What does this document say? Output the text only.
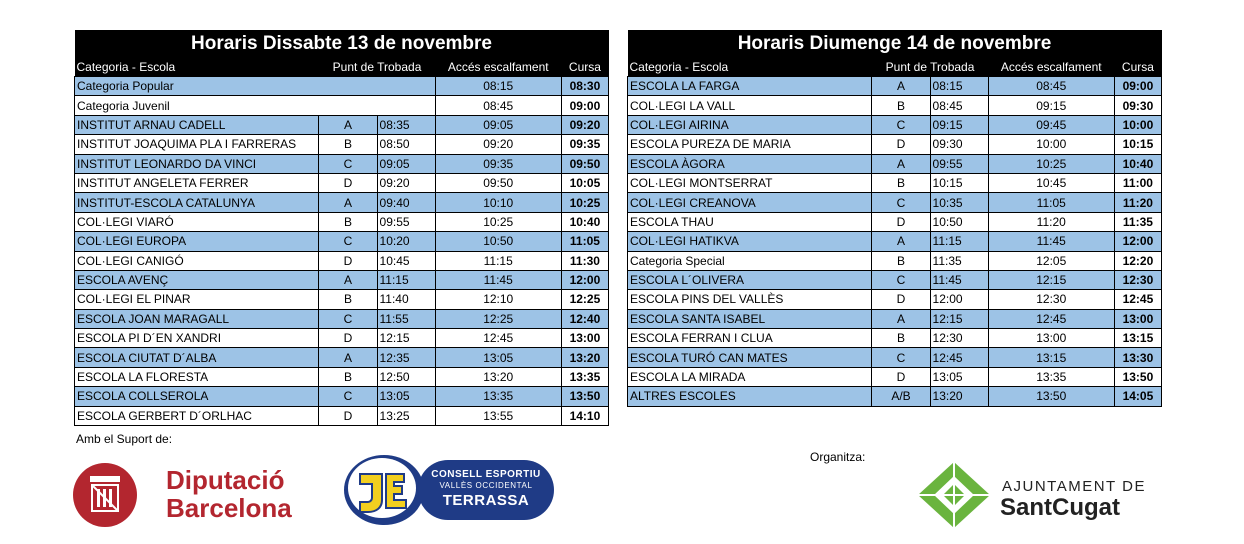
Horaris Dissabte 13 de novembre				
Categoria - Escola	Punt de Trobada		Accés escalfament	Cursa
Categoria Popular			08:15	08:30
Categoria Juvenil			08:45	09:00
INSTITUT ARNAU CADELL	A	08:35	09:05	09:20
INSTITUT JOAQUIMA PLA I FARRERAS	B	08:50	09:20	09:35
INSTITUT LEONARDO DA VINCI	C	09:05	09:35	09:50
INSTITUT ANGELETA FERRER	D	09:20	09:50	10:05
INSTITUT-ESCOLA CATALUNYA	A	09:40	10:10	10:25
COL·LEGI VIARÓ	B	09:55	10:25	10:40
COL·LEGI EUROPA	C	10:20	10:50	11:05
COL·LEGI CANIGÓ	D	10:45	11:15	11:30
ESCOLA AVENÇ	A	11:15	11:45	12:00
COL·LEGI EL PINAR	B	11:40	12:10	12:25
ESCOLA JOAN MARAGALL	C	11:55	12:25	12:40
ESCOLA PI D´EN XANDRI	D	12:15	12:45	13:00
ESCOLA CIUTAT D´ALBA	A	12:35	13:05	13:20
ESCOLA LA FLORESTA	B	12:50	13:20	13:35
ESCOLA COLLSEROLA	C	13:05	13:35	13:50
ESCOLA GERBERT D´ORLHAC	D	13:25	13:55	14:10
Horaris Diumenge 14 de novembre				
Categoria - Escola	Punt de Trobada		Accés escalfament	Cursa
ESCOLA LA FARGA	A	08:15	08:45	09:00
COL·LEGI LA VALL	B	08:45	09:15	09:30
COL·LEGI AIRINA	C	09:15	09:45	10:00
ESCOLA PUREZA DE MARIA	D	09:30	10:00	10:15
ESCOLA ÀGORA	A	09:55	10:25	10:40
COL·LEGI MONTSERRAT	B	10:15	10:45	11:00
COL·LEGI CREANOVA	C	10:35	11:05	11:20
ESCOLA THAU	D	10:50	11:20	11:35
COL·LEGI HATIKVA	A	11:15	11:45	12:00
Categoria Special	B	11:35	12:05	12:20
ESCOLA L´OLIVERA	C	11:45	12:15	12:30
ESCOLA PINS DEL VALLÈS	D	12:00	12:30	12:45
ESCOLA SANTA ISABEL	A	12:15	12:45	13:00
ESCOLA FERRAN I CLUA	B	12:30	13:00	13:15
ESCOLA TURÓ CAN MATES	C	12:45	13:15	13:30
ESCOLA LA MIRADA	D	13:05	13:35	13:50
ALTRES ESCOLES	A/B	13:20	13:50	14:05
Amb el Suport de:
Organitza:
Diputació
Barcelona
CONSELL ESPORTIU
VALLÈS OCCIDENTAL
TERRASSA
AJUNTAMENT DE
SantCugat
